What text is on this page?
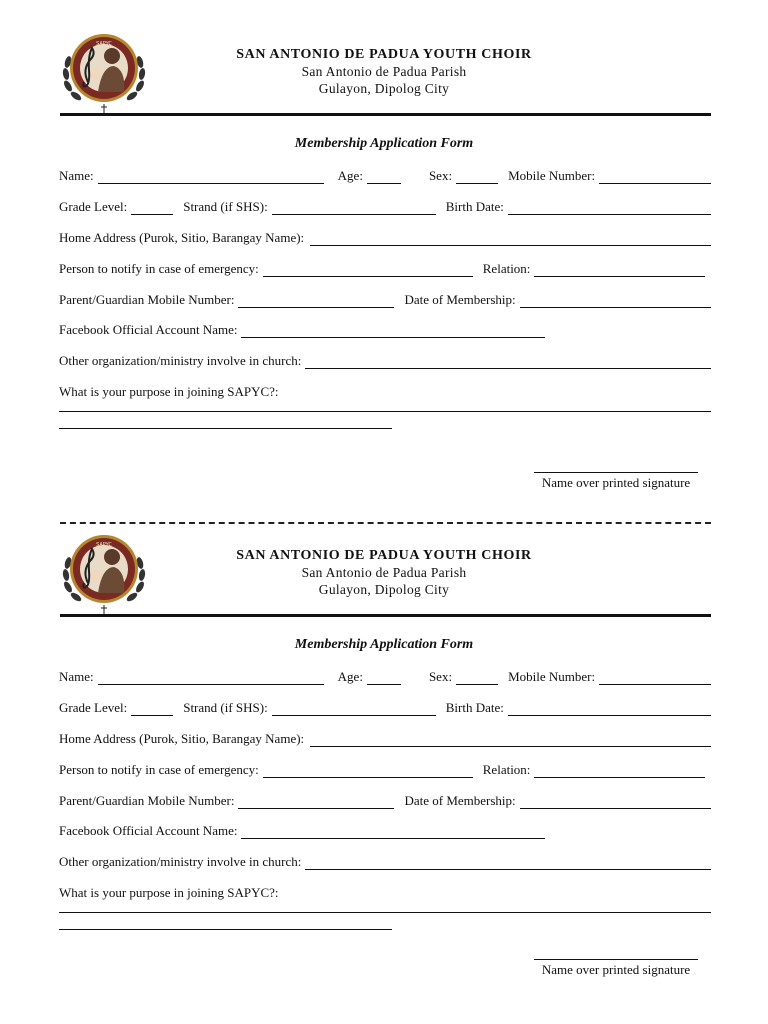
SAN ANTONIO DE PADUA YOUTH CHOIR
San Antonio de Padua Parish
Gulayon, Dipolog City
Membership Application Form
Name:	Age:	Sex:	Mobile Number:
Grade Level:	Strand (if SHS):	Birth Date:
Home Address (Purok, Sitio, Barangay Name):
Person to notify in case of emergency:	Relation:
Parent/Guardian Mobile Number:	Date of Membership:
Facebook Official Account Name:
Other organization/ministry involve in church:
What is your purpose in joining SAPYC?:
Name over printed signature
SAN ANTONIO DE PADUA YOUTH CHOIR
San Antonio de Padua Parish
Gulayon, Dipolog City
Membership Application Form
Name:	Age:	Sex:	Mobile Number:
Grade Level:	Strand (if SHS):	Birth Date:
Home Address (Purok, Sitio, Barangay Name):
Person to notify in case of emergency:	Relation:
Parent/Guardian Mobile Number:	Date of Membership:
Facebook Official Account Name:
Other organization/ministry involve in church:
What is your purpose in joining SAPYC?:
Name over printed signature
